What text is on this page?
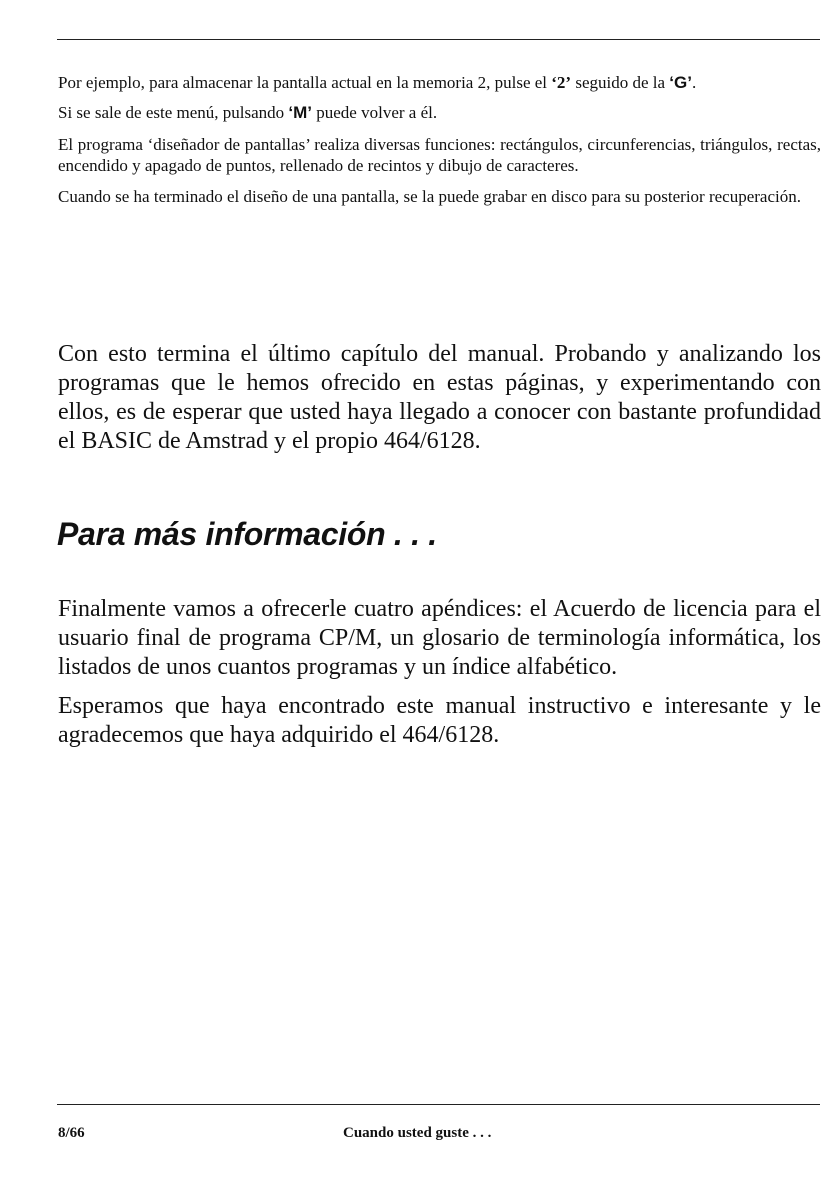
Por ejemplo, para almacenar la pantalla actual en la memoria 2, pulse el ‘2’ seguido de la ‘G’.

Si se sale de este menú, pulsando ‘M’ puede volver a él.

El programa ‘diseñador de pantallas’ realiza diversas funciones: rectángulos, circunferencias, triángulos, rectas, encendido y apagado de puntos, rellenado de recintos y dibujo de caracteres.

Cuando se ha terminado el diseño de una pantalla, se la puede grabar en disco para su posterior recuperación.

Con esto termina el último capítulo del manual. Probando y analizando los programas que le hemos ofrecido en estas páginas, y experimentando con ellos, es de esperar que usted haya llegado a conocer con bastante profundidad el BASIC de Amstrad y el propio 464/6128.

Para más información . . .

Finalmente vamos a ofrecerle cuatro apéndices: el Acuerdo de licencia para el usuario final de programa CP/M, un glosario de terminología informática, los listados de unos cuantos programas y un índice alfabético.

Esperamos que haya encontrado este manual instructivo e interesante y le agradecemos que haya adquirido el 464/6128.

8/66	Cuando usted guste . . .
